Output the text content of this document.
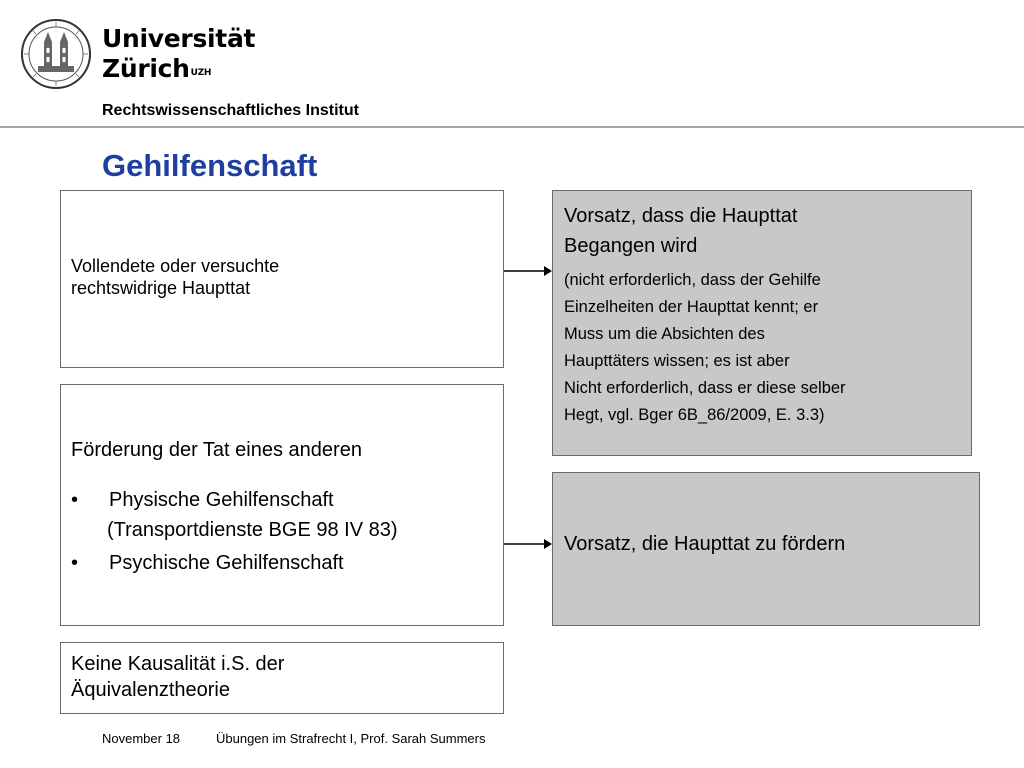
Universität
Zürich$^{UZH}$
Rechtswissenschaftliches Institut
Gehilfenschaft
Vollendete oder versuchte
rechtswidrige Haupttat
Förderung der Tat eines anderen
•	Physische Gehilfenschaft
(Transportdienste BGE 98 IV 83)
•	Psychische Gehilfenschaft
Keine Kausalität i.S. der
Äquivalenztheorie
Vorsatz, dass die Haupttat
Begangen wird
(nicht erforderlich, dass der Gehilfe
Einzelheiten der Haupttat kennt; er
Muss um die Absichten des
Haupttäters wissen; es ist aber
Nicht erforderlich, dass er diese selber
Hegt, vgl. Bger 6B_86/2009, E. 3.3)
Vorsatz, die Haupttat zu fördern
November 18	Übungen im Strafrecht I, Prof. Sarah Summers
